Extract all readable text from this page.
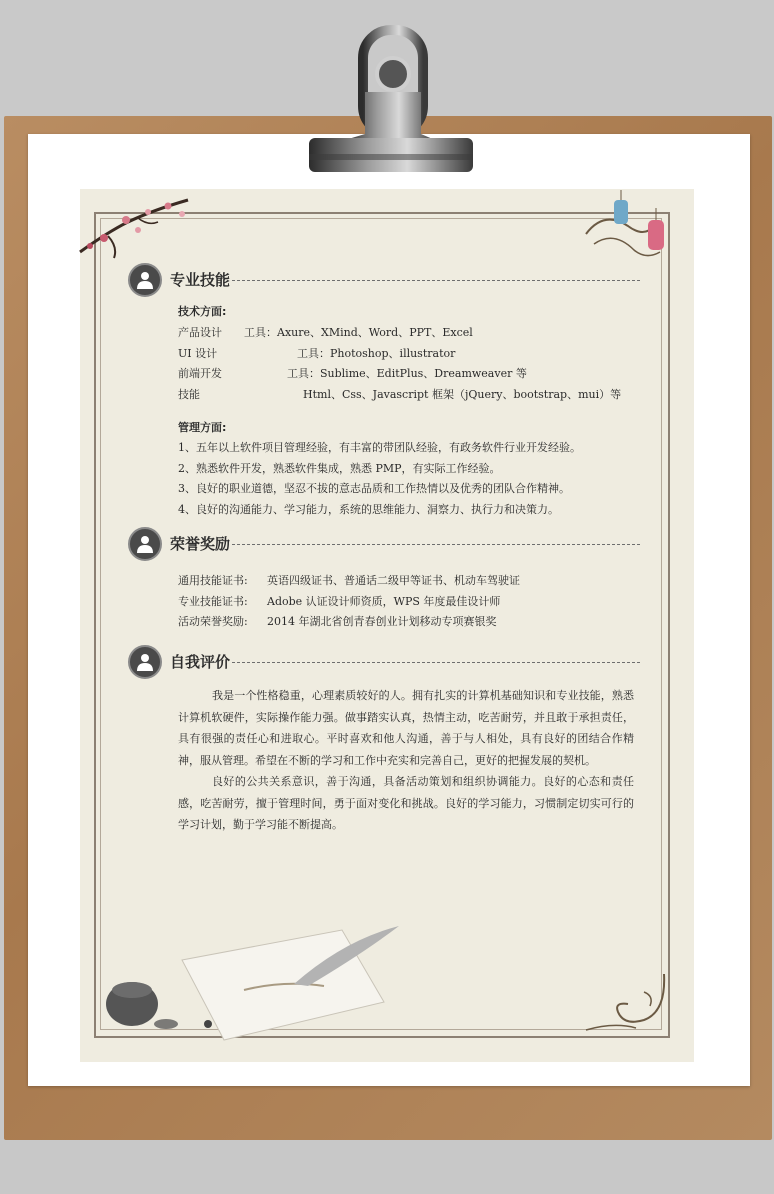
专业技能
技术方面:
产品设计 工具：Axure、XMind、Word、PPT、Excel
UI 设计	工具：Photoshop、illustrator
前端开发	工具：Sublime、EditPlus、Dreamweaver 等
技能	Html、Css、Javascript 框架（jQuery、bootstrap、mui）等
管理方面:
1、五年以上软件项目管理经验，有丰富的带团队经验，有政务软件行业开发经验。
2、熟悉软件开发，熟悉软件集成，熟悉 PMP，有实际工作经验。
3、良好的职业道德，坚忍不拔的意志品质和工作热情以及优秀的团队合作精神。
4、良好的沟通能力、学习能力，系统的思维能力、洞察力、执行力和决策力。
荣誉奖励
通用技能证书: 英语四级证书、普通话二级甲等证书、机动车驾驶证
专业技能证书: Adobe 认证设计师资质，WPS 年度最佳设计师
活动荣誉奖励: 2014 年湖北省创青春创业计划移动专项赛银奖
自我评价
我是一个性格稳重，心理素质较好的人。拥有扎实的计算机基础知识和专业技能，熟悉计算机软硬件，实际操作能力强。做事踏实认真，热情主动，吃苦耐劳，并且敢于承担责任，具有很强的责任心和进取心。平时喜欢和他人沟通，善于与人相处，具有良好的团结合作精神，服从管理。希望在不断的学习和工作中充实和完善自己，更好的把握发展的契机。
良好的公共关系意识，善于沟通，具备活动策划和组织协调能力。良好的心态和责任感，吃苦耐劳，擅于管理时间，勇于面对变化和挑战。良好的学习能力，习惯制定切实可行的学习计划，勤于学习能不断提高。
